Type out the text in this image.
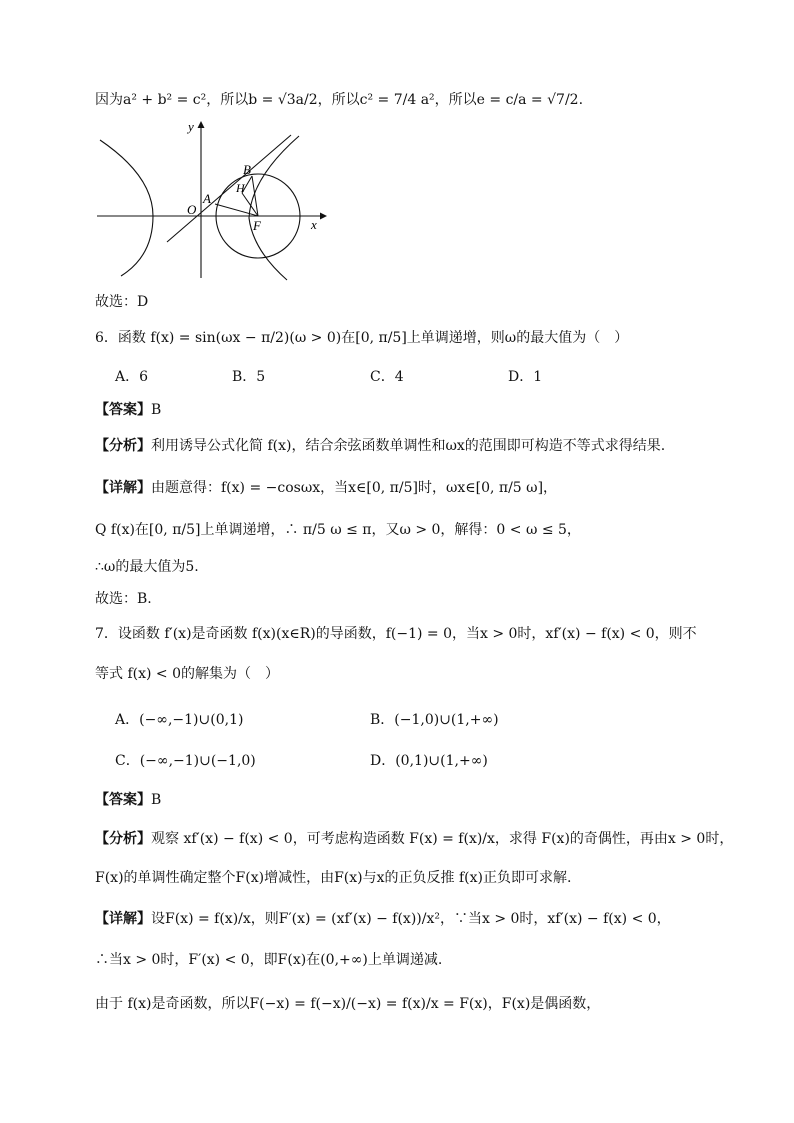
因为a² + b² = c²，所以b = √3a/2，所以c² = 7/4 a²，所以e = c/a = √7/2.
y
x
O
A
B
H
F
故选：D
6．函数 f(x) = sin(ωx − π/2)(ω > 0)在[0, π/5]上单调递增，则ω的最大值为（　）
A．6	B．5	C．4	D．1
【答案】B
【分析】利用诱导公式化简 f(x)，结合余弦函数单调性和ωx的范围即可构造不等式求得结果.
【详解】由题意得：f(x) = −cosωx，当x∈[0, π/5]时，ωx∈[0, π/5 ω]，
Q f(x)在[0, π/5]上单调递增，∴ π/5 ω ≤ π，又ω > 0，解得：0 < ω ≤ 5，
∴ω的最大值为5.
故选：B.
7．设函数 f′(x)是奇函数 f(x)(x∈R)的导函数，f(−1) = 0，当x > 0时，xf′(x) − f(x) < 0，则不
等式 f(x) < 0的解集为（　）
A．(−∞,−1)∪(0,1)	B．(−1,0)∪(1,+∞)
C．(−∞,−1)∪(−1,0)	D．(0,1)∪(1,+∞)
【答案】B
【分析】观察 xf′(x) − f(x) < 0，可考虑构造函数 F(x) = f(x)/x，求得 F(x)的奇偶性，再由x > 0时，
F(x)的单调性确定整个F(x)增减性，由F(x)与x的正负反推 f(x)正负即可求解.
【详解】设F(x) = f(x)/x，则F′(x) = (xf′(x) − f(x))/x²，∵当x > 0时，xf′(x) − f(x) < 0，
∴当x > 0时，F′(x) < 0，即F(x)在(0,+∞)上单调递减.
由于 f(x)是奇函数，所以F(−x) = f(−x)/(−x) = f(x)/x = F(x)，F(x)是偶函数，
